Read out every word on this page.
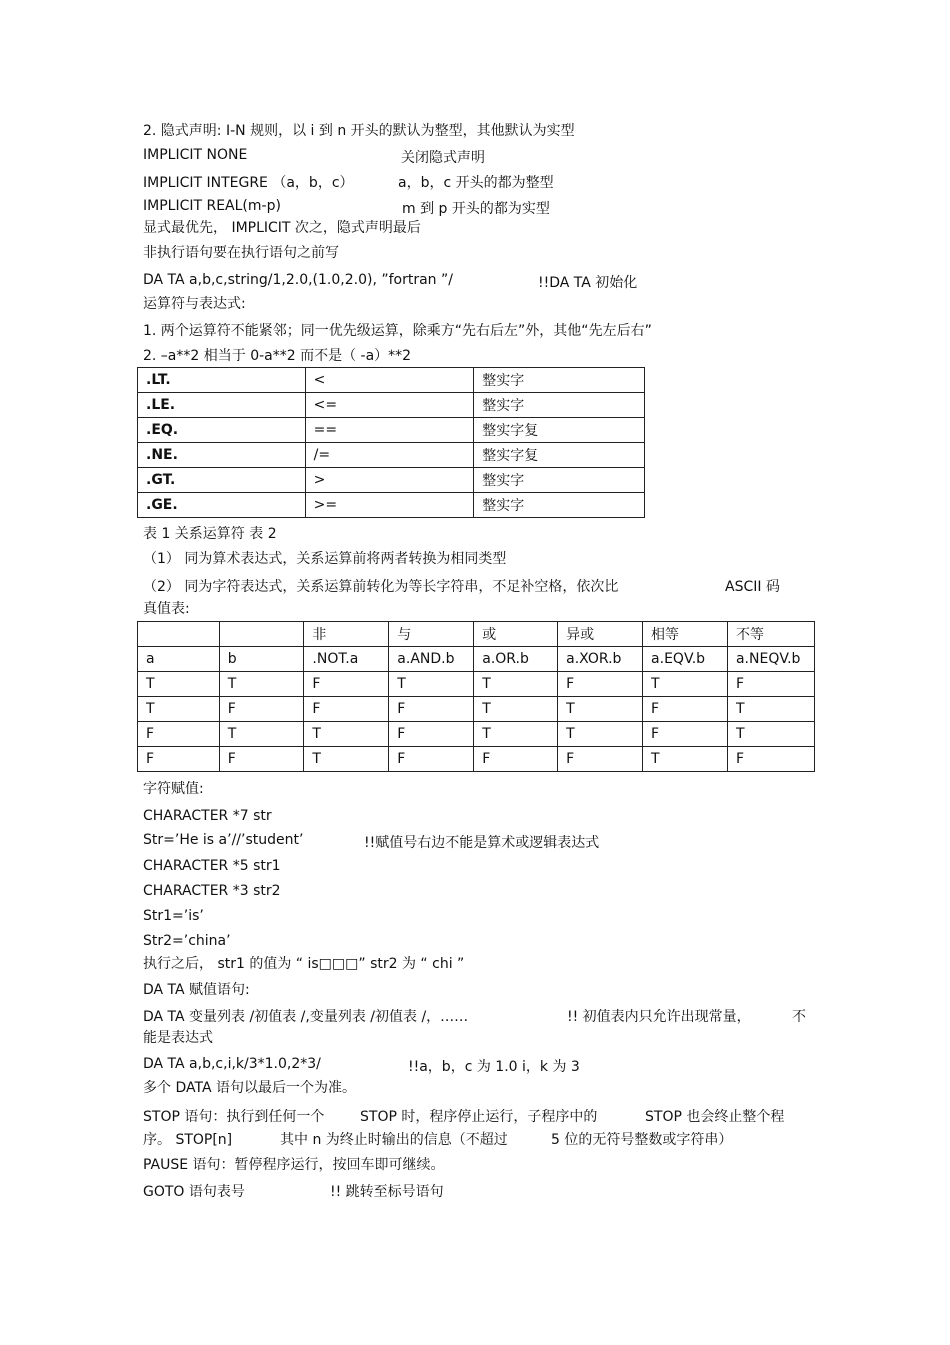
2. 隐式声明: I-N 规则，以 i 到 n 开头的默认为整型，其他默认为实型
IMPLICIT NONE	关闭隐式声明
IMPLICIT INTEGRE （a，b，c）	a，b，c 开头的都为整型
IMPLICIT REAL(m-p)	m 到 p 开头的都为实型
显式最优先， IMPLICIT 次之，隐式声明最后
非执行语句要在执行语句之前写
DA TA a,b,c,string/1,2.0,(1.0,2.0), ”fortran ”/	!!DA TA 初始化
运算符与表达式:
1. 两个运算符不能紧邻；同一优先级运算，除乘方“先右后左”外，其他“先左后右”
2. –a**2 相当于 0-a**2 而不是（ -a）**2
.LT.	<	整实字
.LE.	<=	整实字
.EQ.	==	整实字复
.NE.	/=	整实字复
.GT.	>	整实字
.GE.	>=	整实字
表 1 关系运算符 表 2
（1） 同为算术表达式，关系运算前将两者转换为相同类型
（2） 同为字符表达式，关系运算前转化为等长字符串，不足补空格，依次比	ASCII 码
真值表:
		非	与	或	异或	相等	不等
a	b	.NOT.a	a.AND.b	a.OR.b	a.XOR.b	a.EQV.b	a.NEQV.b
T	T	F	T	T	F	T	F
T	F	F	F	T	T	F	T
F	T	T	F	T	T	F	T
F	F	T	F	F	F	T	F
字符赋值:
CHARACTER *7 str
Str=’He is a’//’student’	!!赋值号右边不能是算术或逻辑表达式
CHARACTER *5 str1
CHARACTER *3 str2
Str1=’is’
Str2=’china’
执行之后， str1 的值为 “ is□□□” str2 为 “ chi ”
DA TA 赋值语句:
DA TA 变量列表 /初值表 /,变量列表 /初值表 /，……	!! 初值表内只允许出现常量，	不
能是表达式
DA TA a,b,c,i,k/3*1.0,2*3/	!!a，b，c 为 1.0 i，k 为 3
多个 DATA 语句以最后一个为准。
STOP 语句：执行到任何一个	STOP 时，程序停止运行，子程序中的	STOP 也会终止整个程
序。 STOP[n]	其中 n 为终止时输出的信息（不超过	5 位的无符号整数或字符串）
PAUSE 语句：暂停程序运行，按回车即可继续。
GOTO 语句表号	!! 跳转至标号语句
